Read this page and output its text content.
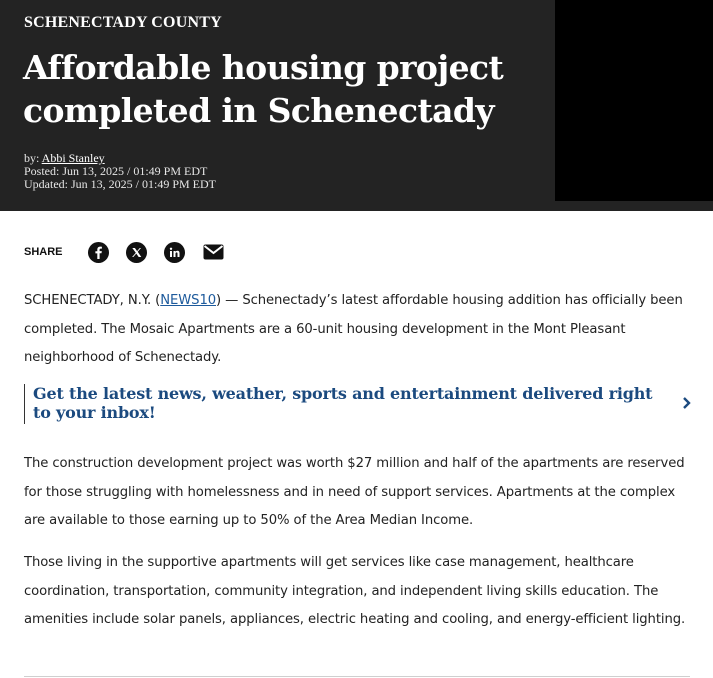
SCHENECTADY COUNTY
Affordable housing project completed in Schenectady
by: Abbi Stanley
Posted: Jun 13, 2025 / 01:49 PM EDT
Updated: Jun 13, 2025 / 01:49 PM EDT
SHARE

SCHENECTADY, N.Y. (NEWS10) — Schenectady’s latest affordable housing addition has officially been completed. The Mosaic Apartments are a 60-unit housing development in the Mont Pleasant neighborhood of Schenectady.

Get the latest news, weather, sports and entertainment delivered right to your inbox!

The construction development project was worth $27 million and half of the apartments are reserved for those struggling with homelessness and in need of support services. Apartments at the complex are available to those earning up to 50% of the Area Median Income.

Those living in the supportive apartments will get services like case management, healthcare coordination, transportation, community integration, and independent living skills education. The amenities include solar panels, appliances, electric heating and cooling, and energy-efficient lighting.
